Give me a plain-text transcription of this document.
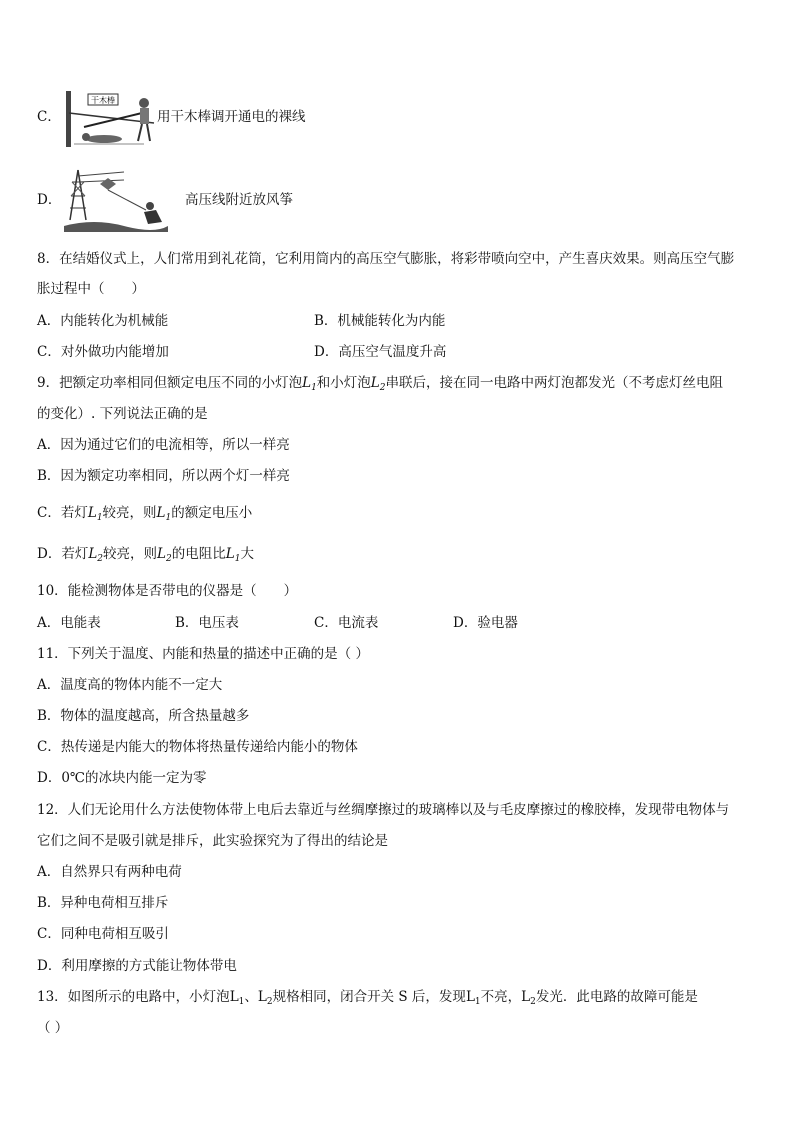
C．
干木棒
用干木棒调开通电的裸线
D．	高压线附近放风筝
8．在结婚仪式上，人们常用到礼花筒，它利用筒内的高压空气膨胀，将彩带喷向空中，产生喜庆效果。则高压空气膨
胀过程中（　　）
A．内能转化为机械能	B．机械能转化为内能
C．对外做功内能增加	D．高压空气温度升高
9．把额定功率相同但额定电压不同的小灯泡$L_1$和小灯泡$L_2$串联后，接在同一电路中两灯泡都发光（不考虑灯丝电阻
的变化）. 下列说法正确的是
A．因为通过它们的电流相等，所以一样亮
B．因为额定功率相同，所以两个灯一样亮
C．若灯$L_1$较亮，则$L_1$的额定电压小
D．若灯$L_2$较亮，则$L_2$的电阻比$L_1$大
10．能检测物体是否带电的仪器是（　　）
A．电能表	B．电压表	C．电流表	D．验电器
11．下列关于温度、内能和热量的描述中正确的是（ ）
A．温度高的物体内能不一定大
B．物体的温度越高，所含热量越多
C．热传递是内能大的物体将热量传递给内能小的物体
D．0℃的冰块内能一定为零
12．人们无论用什么方法使物体带上电后去靠近与丝绸摩擦过的玻璃棒以及与毛皮摩擦过的橡胶棒，发现带电物体与
它们之间不是吸引就是排斥，此实验探究为了得出的结论是
A．自然界只有两种电荷
B．异种电荷相互排斥
C．同种电荷相互吸引
D．利用摩擦的方式能让物体带电
13．如图所示的电路中，小灯泡$L_1$、$L_2$规格相同，闭合开关 S 后，发现$L_1$不亮，$L_2$发光．此电路的故障可能是
（ ）
